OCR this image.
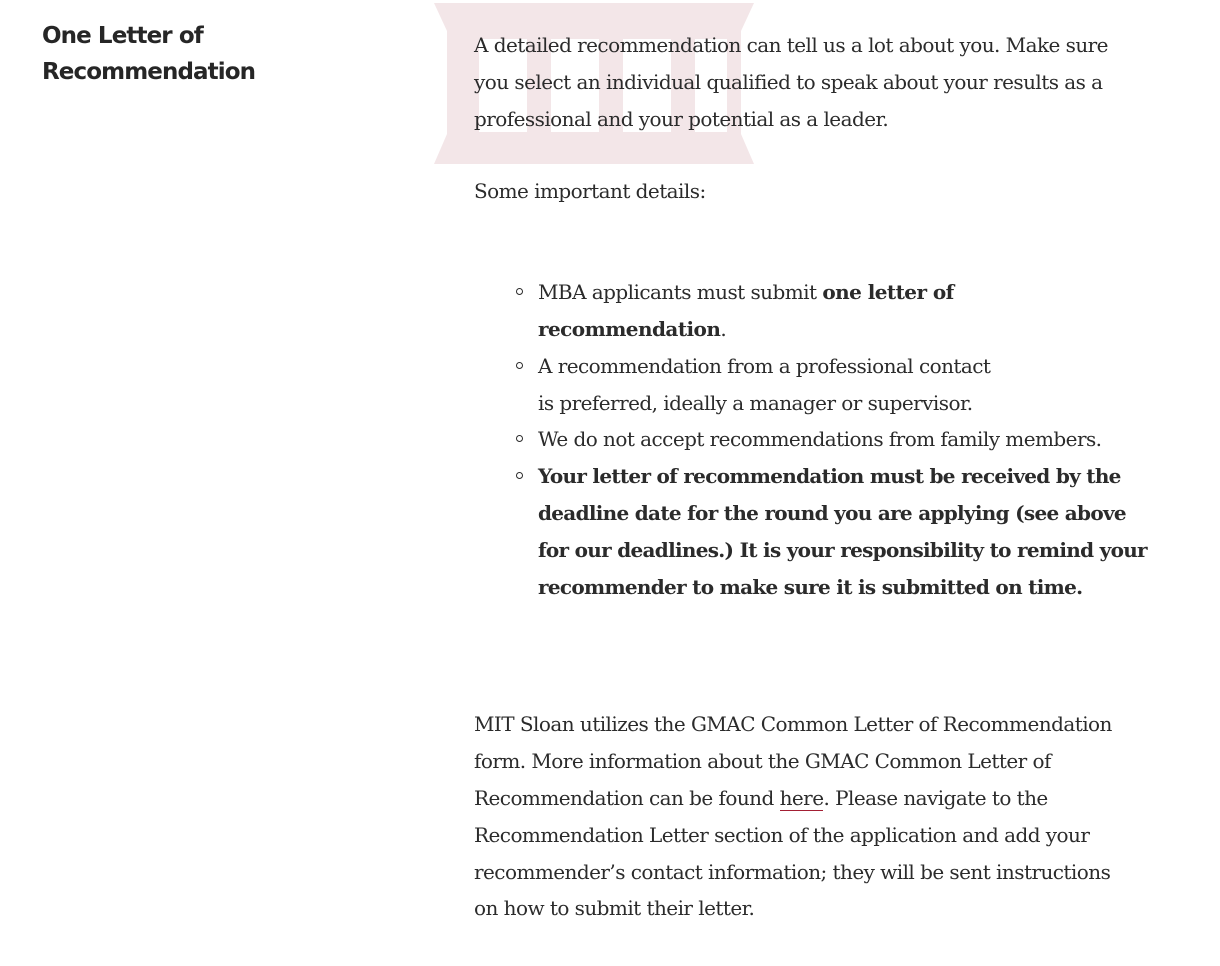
One Letter of Recommendation

A detailed recommendation can tell us a lot about you. Make sure you select an individual qualified to speak about your results as a professional and your potential as a leader.

Some important details:

MBA applicants must submit one letter of recommendation.
A recommendation from a professional contact is preferred, ideally a manager or supervisor.
We do not accept recommendations from family members.
Your letter of recommendation must be received by the deadline date for the round you are applying (see above for our deadlines.) It is your responsibility to remind your recommender to make sure it is submitted on time.

MIT Sloan utilizes the GMAC Common Letter of Recommendation form. More information about the GMAC Common Letter of Recommendation can be found here. Please navigate to the Recommendation Letter section of the application and add your recommender’s contact information; they will be sent instructions on how to submit their letter.
